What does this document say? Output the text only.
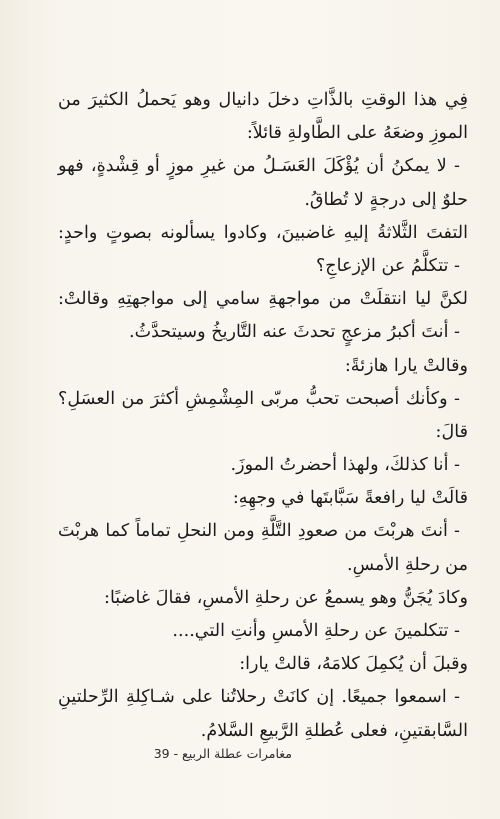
فِي هذا الوقتِ بالذَّاتِ دخلَ دانيال وهو يَحملُ الكثيرَ من
الموزِ وضعَهُ على الطَّاولةِ قائلاً:
- لا يمكنُ أن يُؤْكَلَ العَسَـلُ من غيرِ موزٍ أو قِشْدةٍ، فهو
حلوٌ إلى درجةٍ لا تُطاقُ.
التفتَ الثَّلاثةُ إليهِ غاضبينَ، وكادوا يسألونه بصوتٍ واحدٍ:
- تتكلَّمُ عن الإزعاجِ؟
لكنَّ ليا انتقلَتْ من مواجهةِ سامي إلى مواجهتِهِ وقالتْ:
- أنتَ أكبرُ مزعجٍ تحدثَ عنه التَّاريخُ وسيتحدَّثُ.
وقالتْ يارا هازئةً:
- وكأنك أصبحت تحبُّ مربّى المِشْمِشِ أكثرَ من العسَلِ؟
قالَ:
- أنا كذلكَ، ولهذا أحضرتُ الموزَ.
قالَتْ ليا رافعةً سَبَّابتَها في وجهِهِ:
- أنتَ هربْتَ من صعودِ التَّلَّةِ ومن النحلِ تماماً كما هربْتَ
من رحلةِ الأمسِ.
وكادَ يُجَنُّ وهو يسمعُ عن رحلةِ الأمسِ، فقالَ غاضبًا:
- تتكلمينَ عن رحلةِ الأمسِ وأنتِ التي....
وقبلَ أن يُكمِلَ كلامَهُ، قالتْ يارا:
- اسمعوا جميعًا. إن كانَتْ رحلاتُنا على شـاكِلةِ الرِّحلتينِ
السَّابقتينِ، فعلى عُطلةِ الرَّبيعِ السَّلامُ.
مغامرات عطلة الربيع - 39
